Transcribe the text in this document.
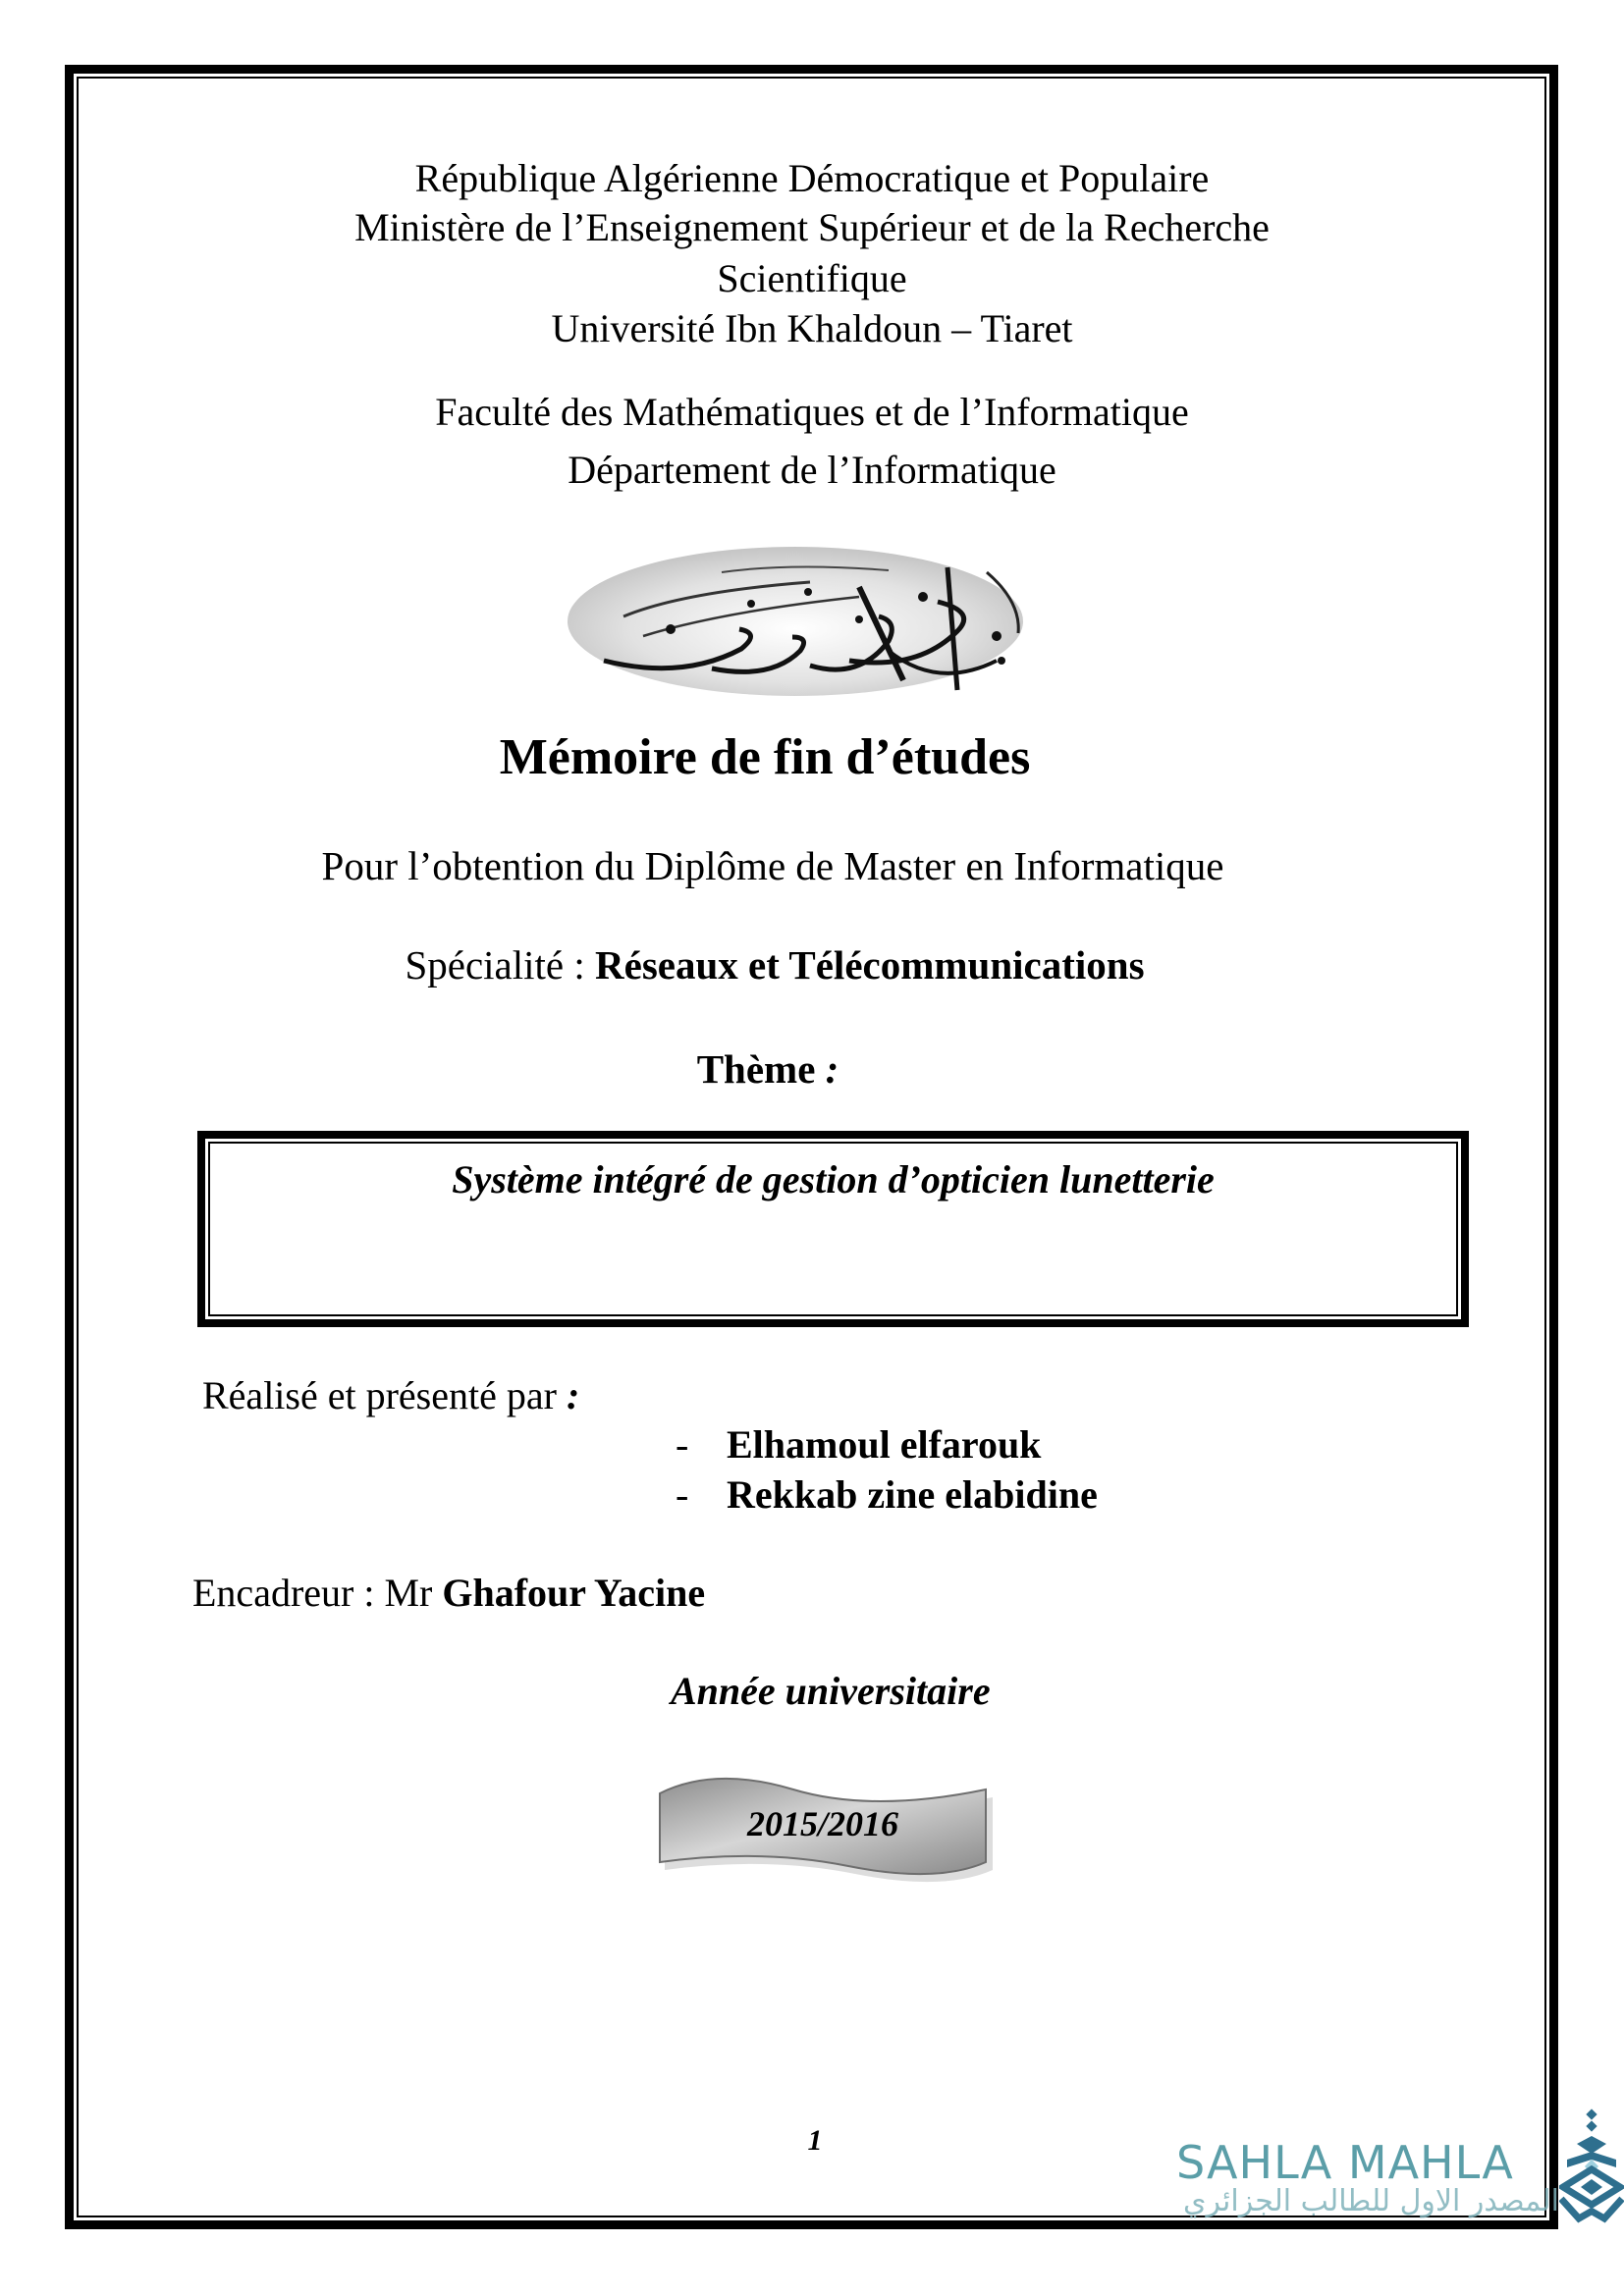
République Algérienne Démocratique et Populaire
Ministère de l’Enseignement Supérieur et de la Recherche
Scientifique
Université Ibn Khaldoun – Tiaret
Faculté des Mathématiques et de l’Informatique
Département de l’Informatique
Mémoire de fin d’études
Pour l’obtention du Diplôme de Master en Informatique
Spécialité : Réseaux et Télécommunications
Thème :
Système intégré de gestion d’opticien lunetterie
Réalisé et présenté par :
- Elhamoul elfarouk
- Rekkab zine elabidine
Encadreur : Mr Ghafour Yacine
Année universitaire
2015/2016
1	SAHLA MAHLA
المصدر الاول للطالب الجزائري
